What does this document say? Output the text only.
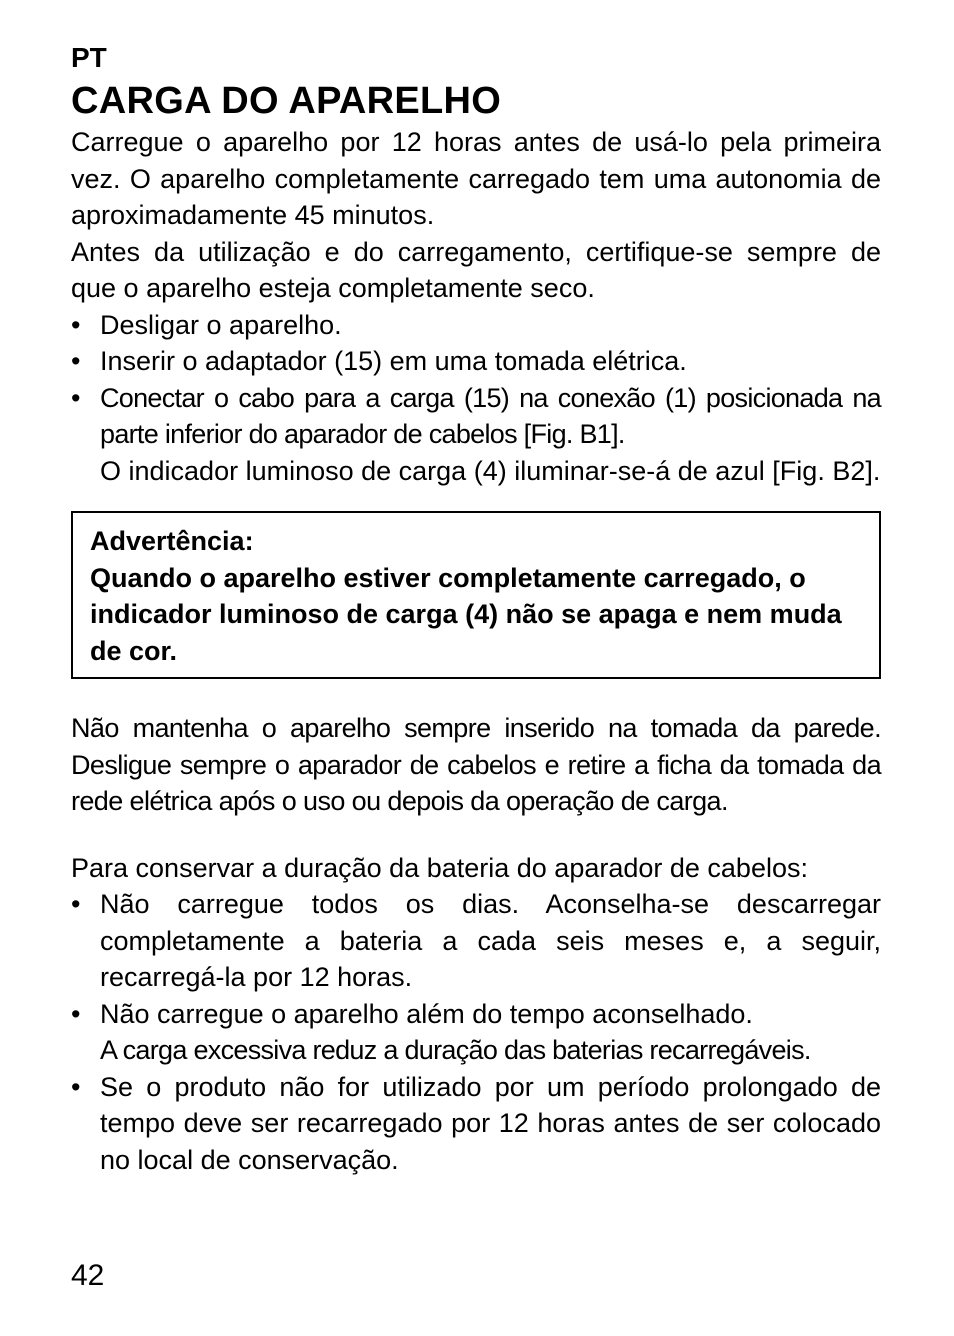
PT

CARGA DO APARELHO

Carregue o aparelho por 12 horas antes de usá-lo pela primeira vez. O aparelho completamente carregado tem uma autonomia de aproximadamente 45 minutos.

Antes da utilização e do carregamento, certifique-se sempre de que o aparelho esteja completamente seco.

• Desligar o aparelho.
• Inserir o adaptador (15) em uma tomada elétrica.
• Conectar o cabo para a carga (15) na conexão (1) posicionada na parte inferior do aparador de cabelos [Fig. B1].
O indicador luminoso de carga (4) iluminar-se-á de azul [Fig. B2].
Advertência:
Quando o aparelho estiver completamente carregado, o indicador luminoso de carga (4) não se apaga e nem muda de cor.

Não mantenha o aparelho sempre inserido na tomada da parede. Desligue sempre o aparador de cabelos e retire a ficha da tomada da rede elétrica após o uso ou depois da operação de carga.

Para conservar a duração da bateria do aparador de cabelos:

• Não carregue todos os dias. Aconselha-se descarregar completamente a bateria a cada seis meses e, a seguir, recarregá-la por 12 horas.
• Não carregue o aparelho além do tempo aconselhado.
A carga excessiva reduz a duração das baterias recarregáveis.
• Se o produto não for utilizado por um período prolongado de tempo deve ser recarregado por 12 horas antes de ser colocado no local de conservação.
42
